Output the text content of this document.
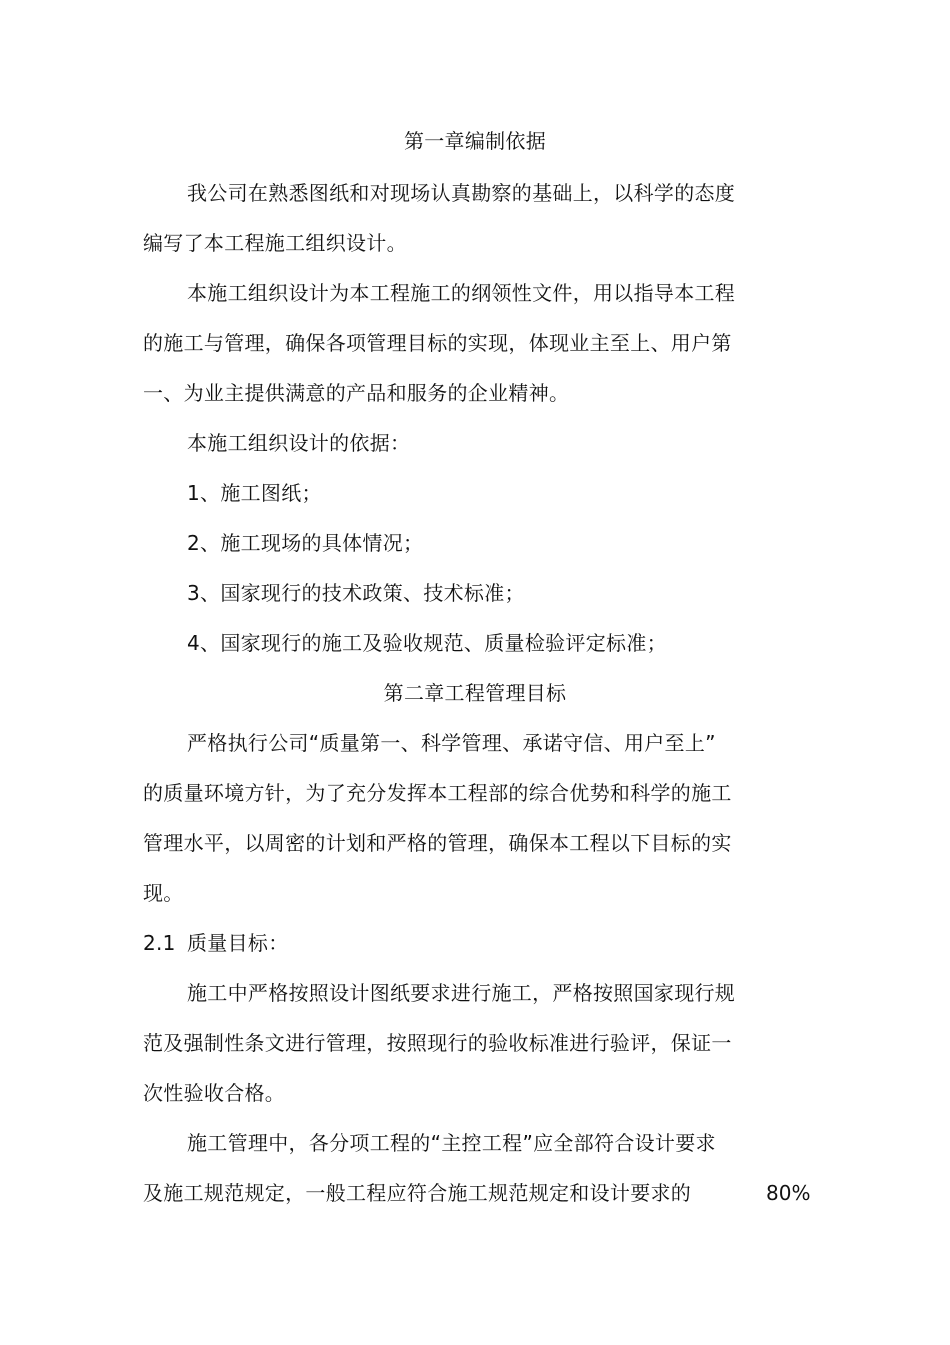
第一章编制依据
我公司在熟悉图纸和对现场认真勘察的基础上，以科学的态度
编写了本工程施工组织设计。
本施工组织设计为本工程施工的纲领性文件，用以指导本工程
的施工与管理，确保各项管理目标的实现，体现业主至上、用户第
一、为业主提供满意的产品和服务的企业精神。
本施工组织设计的依据：
1、施工图纸；
2、施工现场的具体情况；
3、国家现行的技术政策、技术标准；
4、国家现行的施工及验收规范、质量检验评定标准；
第二章工程管理目标
严格执行公司“质量第一、科学管理、承诺守信、用户至上”
的质量环境方针，为了充分发挥本工程部的综合优势和科学的施工
管理水平，以周密的计划和严格的管理，确保本工程以下目标的实
现。
2.1 质量目标：
施工中严格按照设计图纸要求进行施工，严格按照国家现行规
范及强制性条文进行管理，按照现行的验收标准进行验评，保证一
次性验收合格。
施工管理中，各分项工程的“主控工程”应全部符合设计要求
及施工规范规定，一般工程应符合施工规范规定和设计要求的	80%
